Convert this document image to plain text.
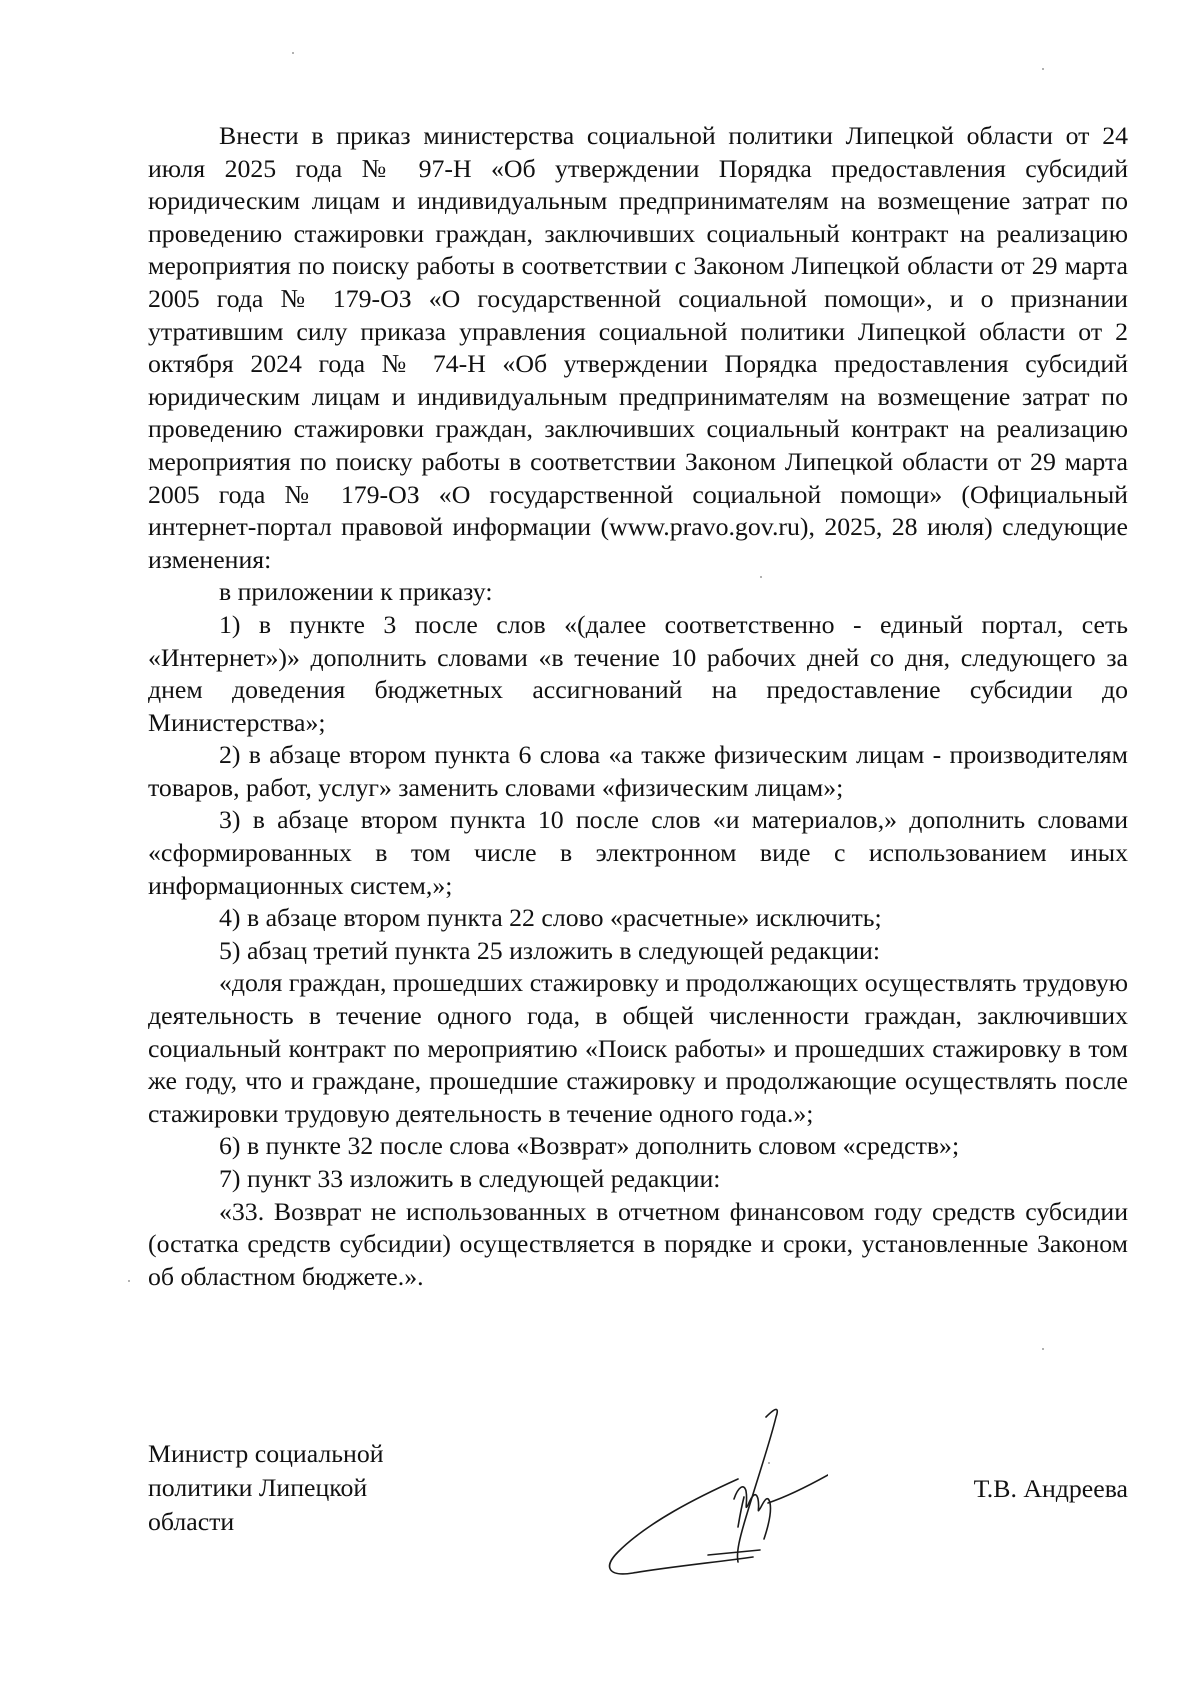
Внести в приказ министерства социальной политики Липецкой области от 24 июля 2025 года № 97-Н «Об утверждении Порядка предоставления субсидий юридическим лицам и индивидуальным предпринимателям на возмещение затрат по проведению стажировки граждан, заключивших социальный контракт на реализацию мероприятия по поиску работы в соответствии с Законом Липецкой области от 29 марта 2005 года № 179-ОЗ «О государственной социальной помощи», и о признании утратившим силу приказа управления социальной политики Липецкой области от 2 октября 2024 года № 74-Н «Об утверждении Порядка предоставления субсидий юридическим лицам и индивидуальным предпринимателям на возмещение затрат по проведению стажировки граждан, заключивших социальный контракт на реализацию мероприятия по поиску работы в соответствии Законом Липецкой области от 29 марта 2005 года № 179-ОЗ «О государственной социальной помощи» (Официальный интернет-портал правовой информации (www.pravo.gov.ru), 2025, 28 июля) следующие изменения:

в приложении к приказу:

1) в пункте 3 после слов «(далее соответственно - единый портал, сеть «Интернет»)» дополнить словами «в течение 10 рабочих дней со дня, следующего за днем доведения бюджетных ассигнований на предоставление субсидии до Министерства»;

2) в абзаце втором пункта 6 слова «а также физическим лицам - производителям товаров, работ, услуг» заменить словами «физическим лицам»;

3) в абзаце втором пункта 10 после слов «и материалов,» дополнить словами «сформированных в том числе в электронном виде с использованием иных информационных систем,»;

4) в абзаце втором пункта 22 слово «расчетные» исключить;

5) абзац третий пункта 25 изложить в следующей редакции:

«доля граждан, прошедших стажировку и продолжающих осуществлять трудовую деятельность в течение одного года, в общей численности граждан, заключивших социальный контракт по мероприятию «Поиск работы» и прошедших стажировку в том же году, что и граждане, прошедшие стажировку и продолжающие осуществлять после стажировки трудовую деятельность в течение одного года.»;

6) в пункте 32 после слова «Возврат» дополнить словом «средств»;

7) пункт 33 изложить в следующей редакции:

«33. Возврат не использованных в отчетном финансовом году средств субсидии (остатка средств субсидии) осуществляется в порядке и сроки, установленные Законом об областном бюджете.».

Министр социальной
политики Липецкой
области
Т.В. Андреева
